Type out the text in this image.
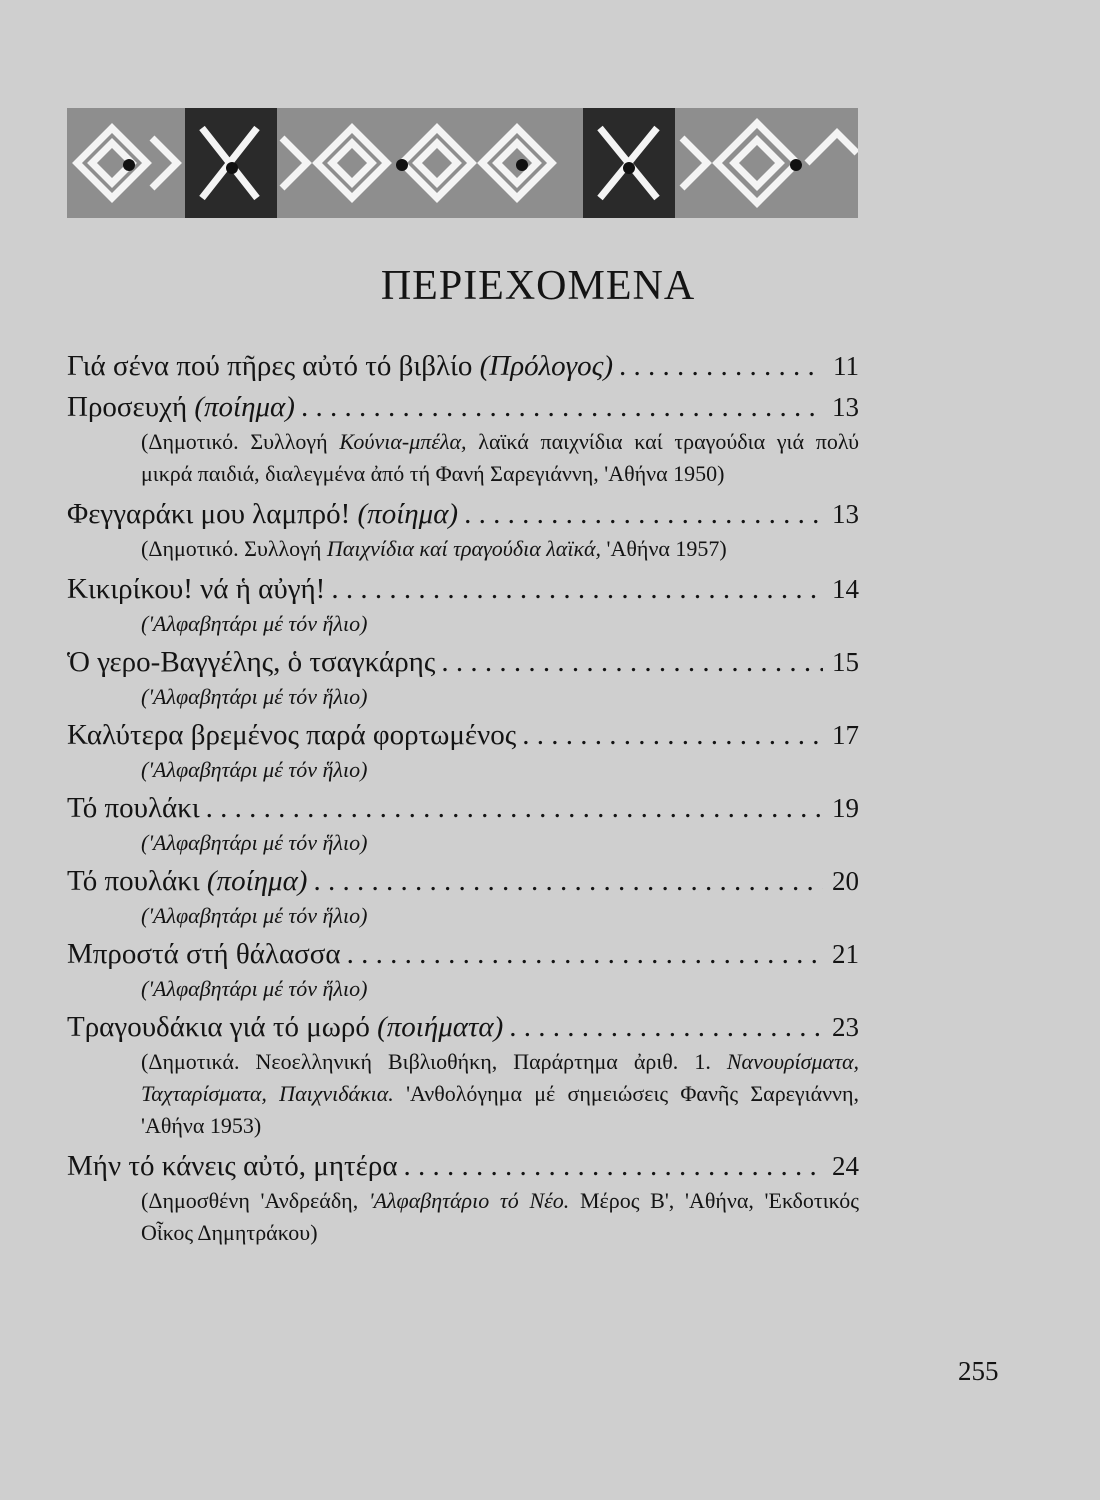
ΠΕΡΙΕΧΟΜΕΝΑ
Γιά σένα πού πῆρες αὐτό τό βιβλίο (Πρόλογος) . . .	11
Προσευχή (ποίημα) . . .	13
(Δημοτικό. Συλλογή Κούνια-μπέλα, λαϊκά παιχνίδια καί τραγούδια γιά πολύ μικρά παιδιά, διαλεγμένα ἀπό τή Φανή Σαρεγιάννη, 'Αθήνα 1950)
Φεγγαράκι μου λαμπρό! (ποίημα) . . .	13
(Δημοτικό. Συλλογή Παιχνίδια καί τραγούδια λαϊκά, 'Αθήνα 1957)
Κικιρίκου! νά ἡ αὐγή! . . .	14
('Αλφαβητάρι μέ τόν ἥλιο)
Ὁ γερο-Βαγγέλης, ὁ τσαγκάρης . . .	15
('Αλφαβητάρι μέ τόν ἥλιο)
Καλύτερα βρεμένος παρά φορτωμένος . . .	17
('Αλφαβητάρι μέ τόν ἥλιο)
Τό πουλάκι . . .	19
('Αλφαβητάρι μέ τόν ἥλιο)
Τό πουλάκι (ποίημα) . . .	20
('Αλφαβητάρι μέ τόν ἥλιο)
Μπροστά στή θάλασσα . . .	21
('Αλφαβητάρι μέ τόν ἥλιο)
Τραγουδάκια γιά τό μωρό (ποιήματα) . . .	23
(Δημοτικά. Νεοελληνική Βιβλιοθήκη, Παράρτημα ἀριθ. 1. Νανουρίσματα, Ταχταρίσματα, Παιχνιδάκια. 'Ανθολόγημα μέ σημειώσεις Φανῆς Σαρεγιάννη, 'Αθήνα 1953)
Μήν τό κάνεις αὐτό, μητέρα . . .	24
(Δημοσθένη 'Ανδρεάδη, 'Αλφαβητάριο τό Νέο. Μέρος Β', 'Αθήνα, 'Εκδοτικός Οἶκος Δημητράκου)
255
